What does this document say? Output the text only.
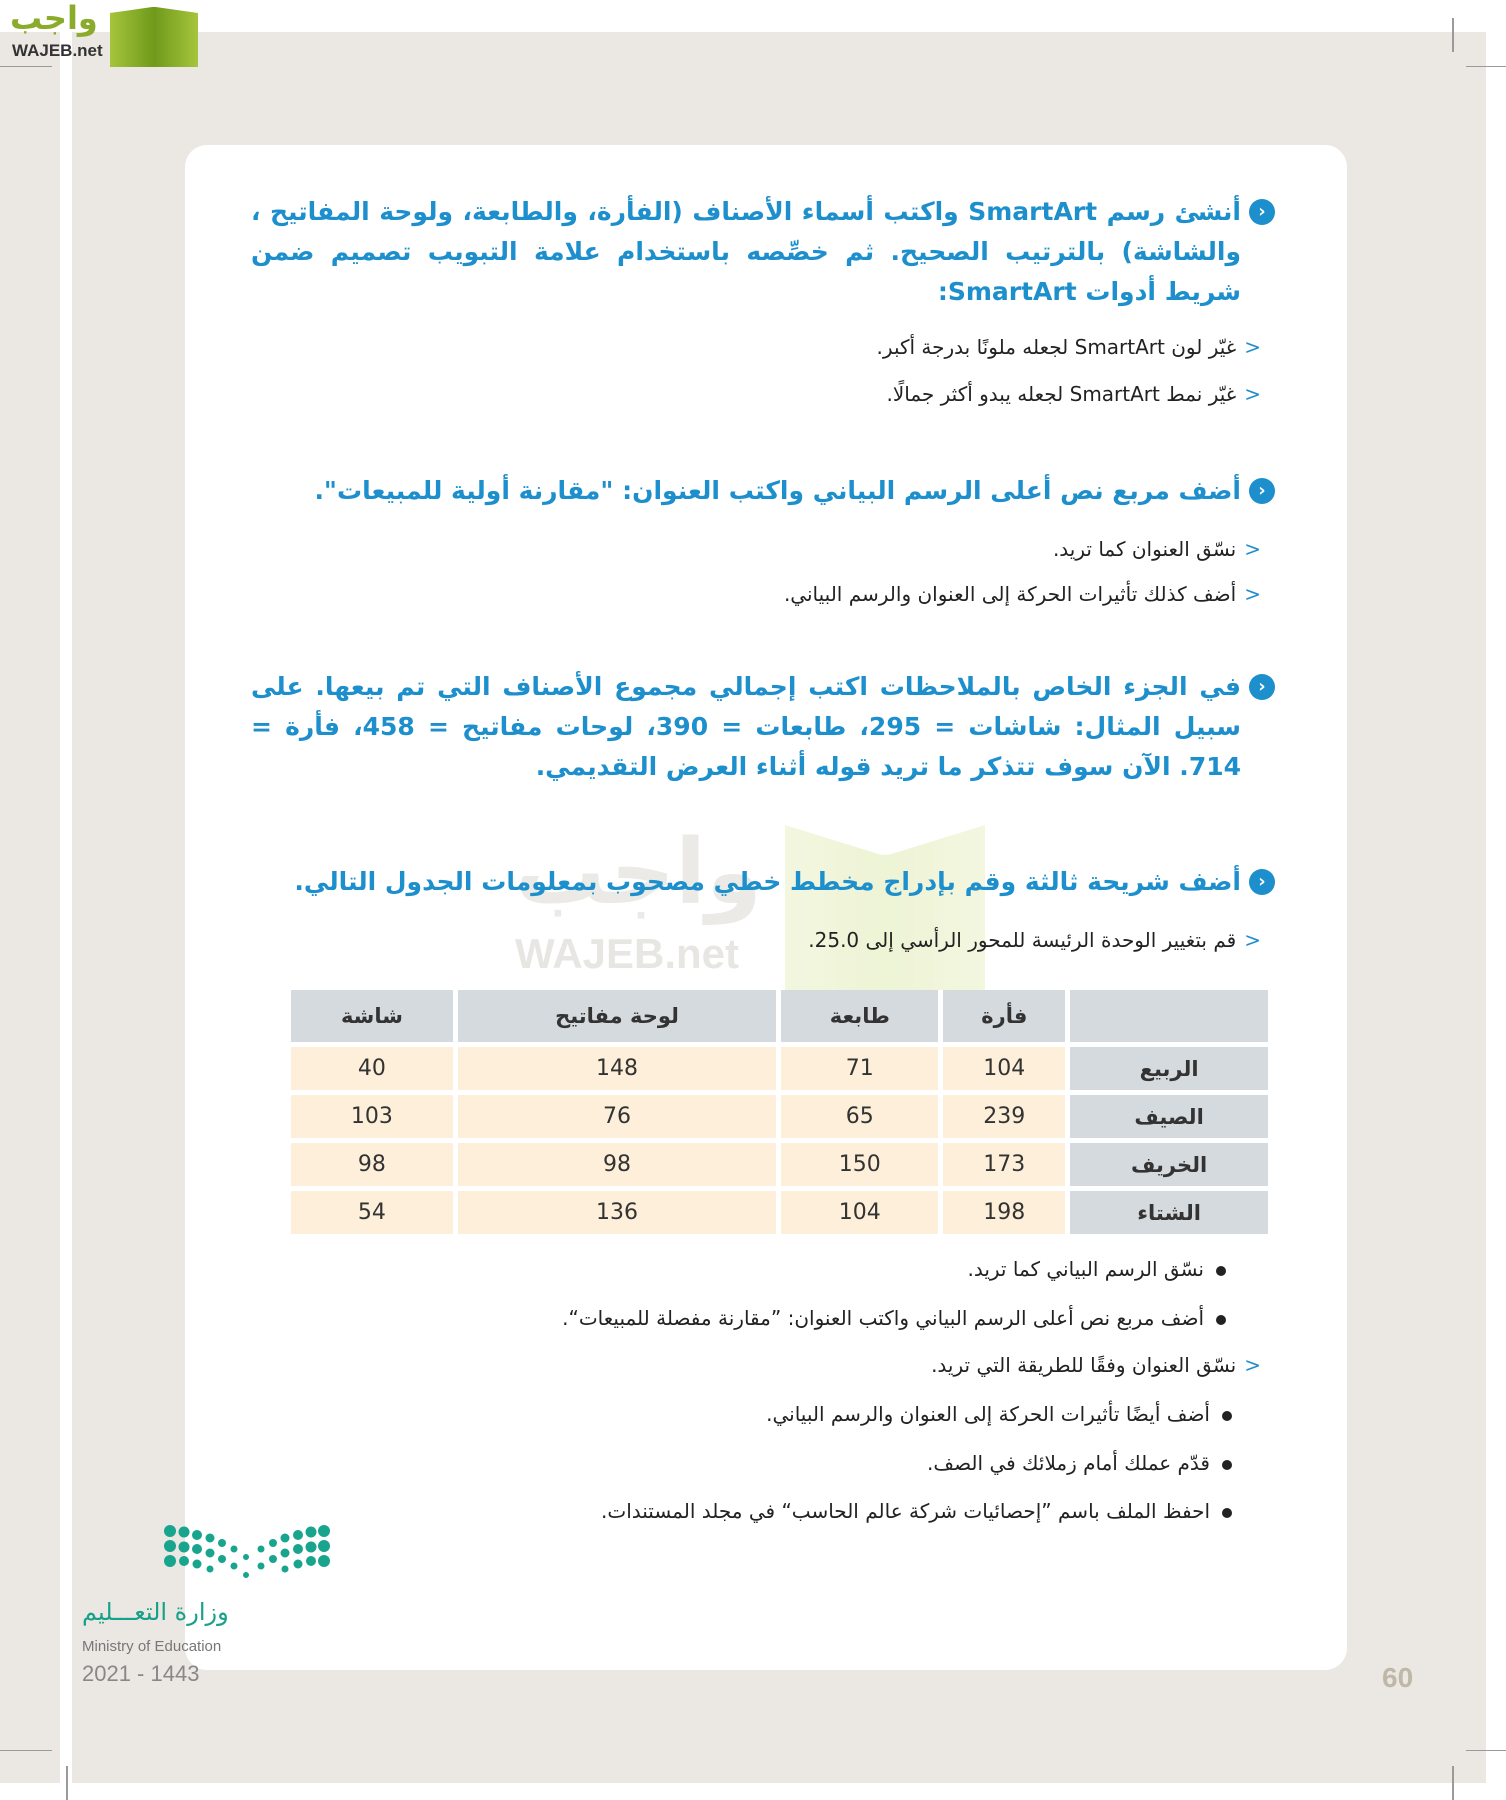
واجب
WAJEB.net
واجب
WAJEB.net
‹
أنشئ رسم SmartArt واكتب أسماء الأصناف (الفأرة، والطابعة، ولوحة المفاتيح ، والشاشة) بالترتيب الصحيح. ثم خصِّصه باستخدام علامة التبويب تصميم ضمن شريط أدوات SmartArt:
<غيّر لون SmartArt لجعله ملونًا بدرجة أكبر.
<غيّر نمط SmartArt لجعله يبدو أكثر جمالًا.
‹
أضف مربع نص أعلى الرسم البياني واكتب العنوان: "مقارنة أولية للمبيعات".
<نسّق العنوان كما تريد.
<أضف كذلك تأثيرات الحركة إلى العنوان والرسم البياني.
‹
في الجزء الخاص بالملاحظات اكتب إجمالي مجموع الأصناف التي تم بيعها. على سبيل المثال: شاشات = 295، طابعات = 390، لوحات مفاتيح = 458، فأرة = 714. الآن سوف تتذكر ما تريد قوله أثناء العرض التقديمي.
‹
أضف شريحة ثالثة وقم بإدراج مخطط خطي مصحوب بمعلومات الجدول التالي.
<قم بتغيير الوحدة الرئيسة للمحور الرأسي إلى 25.0.
	فأرة	طابعة	لوحة مفاتيح	شاشة
الربيع	104	71	148	40
الصيف	239	65	76	103
الخريف	173	150	98	98
الشتاء	198	104	136	54
نسّق الرسم البياني كما تريد.
أضف مربع نص أعلى الرسم البياني واكتب العنوان: ”مقارنة مفصلة للمبيعات“.
<نسّق العنوان وفقًا للطريقة التي تريد.
أضف أيضًا تأثيرات الحركة إلى العنوان والرسم البياني.
قدّم عملك أمام زملائك في الصف.
احفظ الملف باسم ”إحصائيات شركة عالم الحاسب“ في مجلد المستندات.
وزارة التعـــليم
Ministry of Education
2021 - 1443	60
